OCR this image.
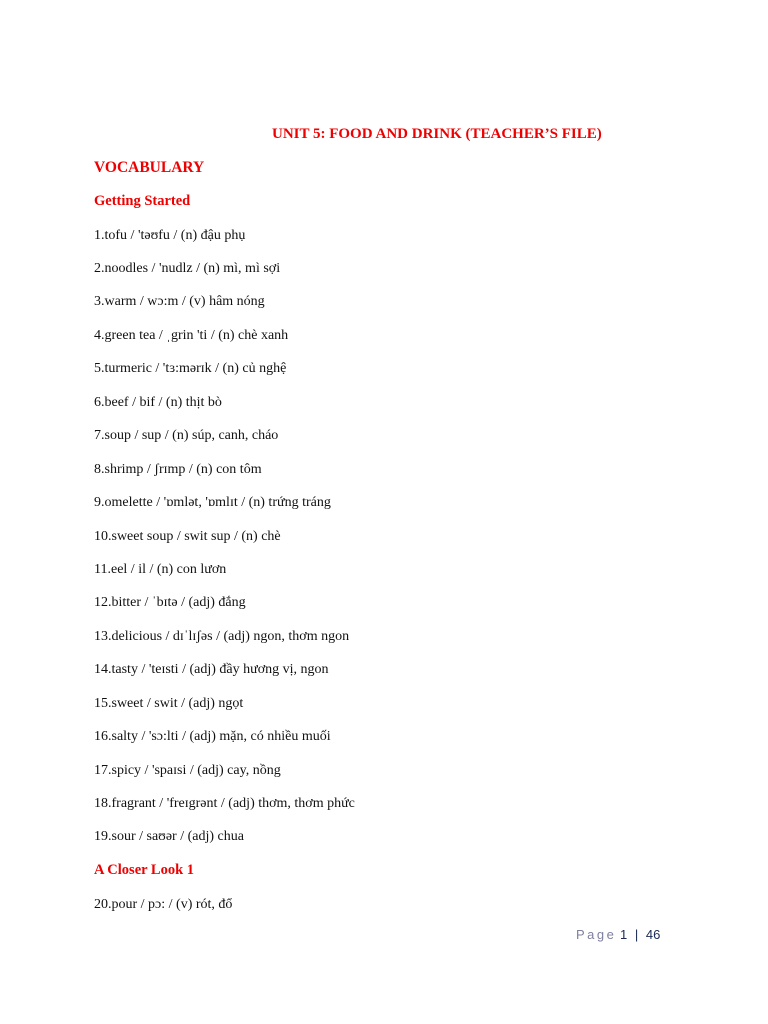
UNIT 5: FOOD AND DRINK (TEACHER’S FILE)
VOCABULARY
Getting Started
1.tofu / 'təʊfu / (n) đậu phụ
2.noodles / 'nudlz / (n) mì, mì sợi
3.warm / wɔ:m / (v) hâm nóng
4.green tea / ˌgrin 'ti / (n) chè xanh
5.turmeric / 'tɜ:mərɪk / (n) củ nghệ
6.beef / bif / (n) thịt bò
7.soup / sup / (n) súp, canh, cháo
8.shrimp / ʃrɪmp / (n) con tôm
9.omelette / 'ɒmlət, 'ɒmlɪt / (n) trứng tráng
10.sweet soup / swit sup / (n) chè
11.eel / il / (n) con lươn
12.bitter / ˈbɪtə / (adj) đắng
13.delicious / dɪˈlɪʃəs / (adj) ngon, thơm ngon
14.tasty / 'teɪsti / (adj) đầy hương vị, ngon
15.sweet / swit / (adj) ngọt
16.salty / 'sɔ:lti / (adj) mặn, có nhiều muối
17.spicy / 'spaɪsi / (adj) cay, nồng
18.fragrant / 'freɪgrənt / (adj) thơm, thơm phức
19.sour / saʊər / (adj) chua
A Closer Look 1
20.pour / pɔ: / (v) rót, đổ
Page 1 | 46
